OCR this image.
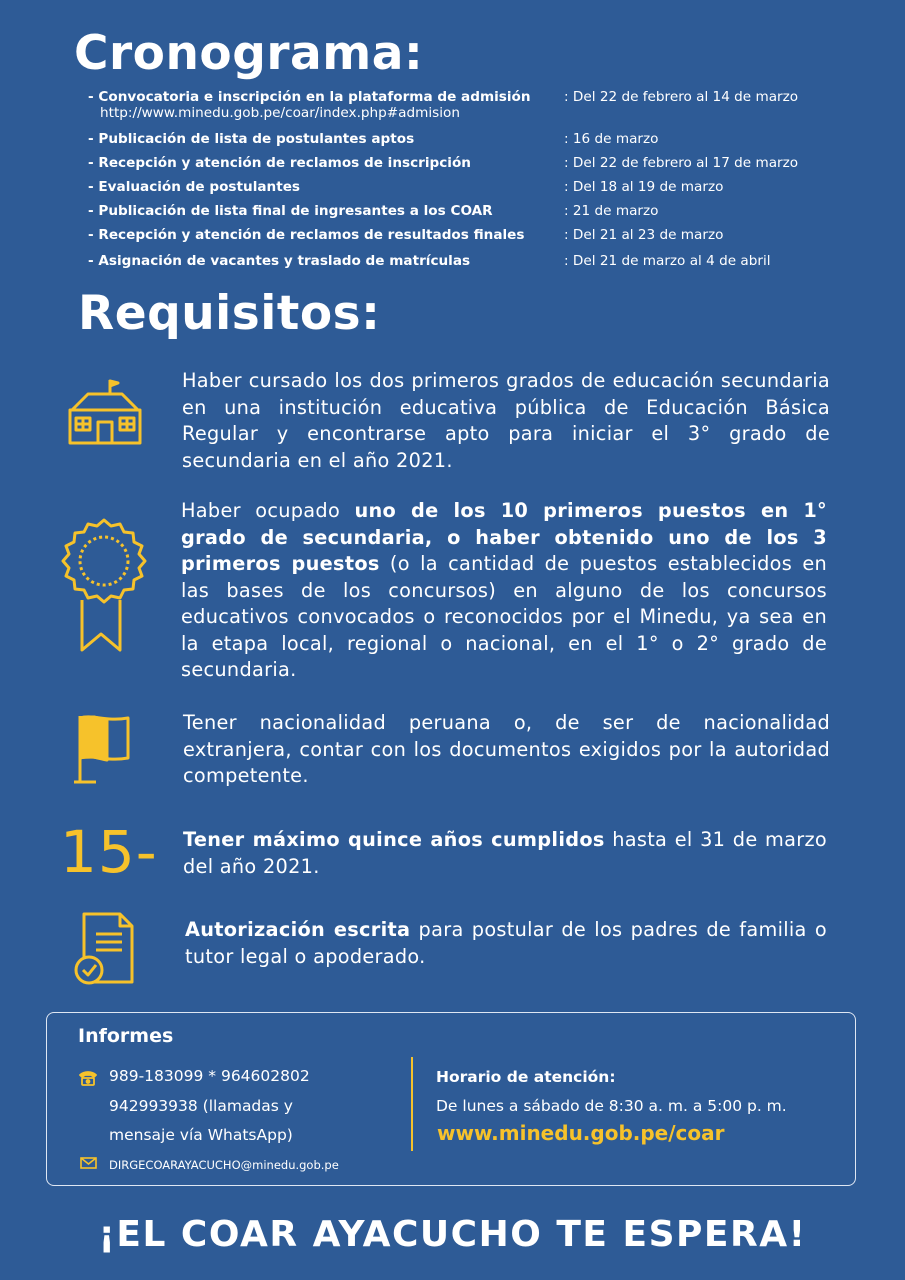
Cronograma:
- Convocatoria e inscripción en la plataforma de admisión : Del 22 de febrero al 14 de marzo
http://www.minedu.gob.pe/coar/index.php#admision
- Publicación de lista de postulantes aptos	: 16 de marzo
- Recepción y atención de reclamos de inscripción	: Del 22 de febrero al 17 de marzo
- Evaluación de postulantes	: Del 18 al 19 de marzo
- Publicación de lista final de ingresantes a los COAR	: 21 de marzo
- Recepción y atención de reclamos de resultados finales	: Del 21 al 23 de marzo
- Asignación de vacantes y traslado de matrículas	: Del 21 de marzo al 4 de abril
Requisitos:
Haber cursado los dos primeros grados de educación secundaria en una institución educativa pública de Educación Básica Regular y encontrarse apto para iniciar el 3° grado de secundaria en el año 2021.
Haber ocupado uno de los 10 primeros puestos en 1° grado de secundaria, o haber obtenido uno de los 3 primeros puestos (o la cantidad de puestos establecidos en las bases de los concursos) en alguno de los concursos educativos convocados o reconocidos por el Minedu, ya sea en la etapa local, regional o nacional, en el 1° o 2° grado de secundaria.
Tener nacionalidad peruana o, de ser de nacionalidad extranjera, contar con los documentos exigidos por la autoridad competente.
15- Tener máximo quince años cumplidos hasta el 31 de marzo del año 2021.
Autorización escrita para postular de los padres de familia o tutor legal o apoderado.
Informes
989-183099 * 964602802
942993938 (llamadas y
mensaje vía WhatsApp)
DIRGECOARAYACUCHO@minedu.gob.pe
Horario de atención:
De lunes a sábado de 8:30 a. m. a 5:00 p. m.
www.minedu.gob.pe/coar
¡EL COAR AYACUCHO TE ESPERA!
